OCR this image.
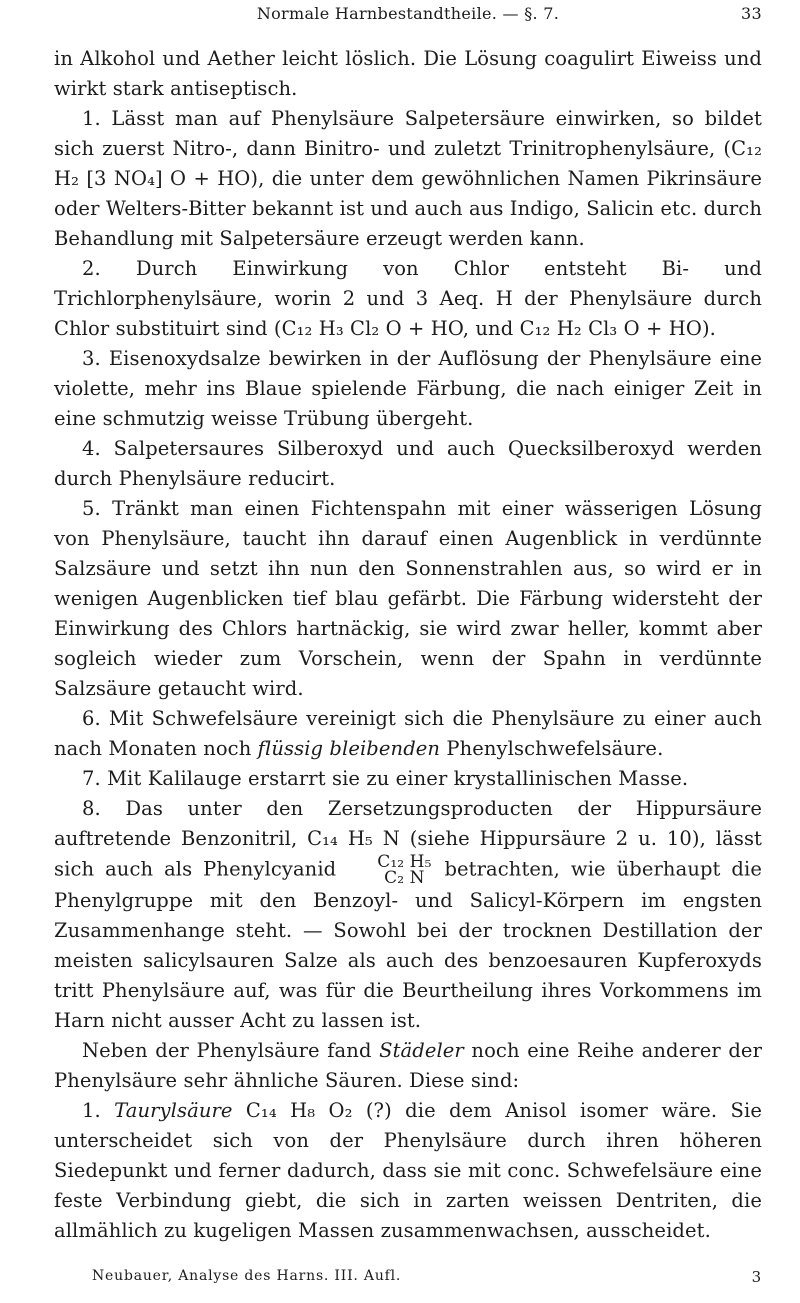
Normale Harnbestandtheile. — §. 7.	33

in Alkohol und Aether leicht löslich. Die Lösung coagulirt Eiweiss und wirkt stark antiseptisch.

1. Lässt man auf Phenylsäure Salpetersäure einwirken, so bildet sich zuerst Nitro-, dann Binitro- und zuletzt Trinitrophenylsäure, (C₁₂ H₂ [3 NO₄] O + HO), die unter dem gewöhnlichen Namen Pikrinsäure oder Welters-Bitter bekannt ist und auch aus Indigo, Salicin etc. durch Behandlung mit Salpetersäure erzeugt werden kann.

2. Durch Einwirkung von Chlor entsteht Bi- und Trichlorphenylsäure, worin 2 und 3 Aeq. H der Phenylsäure durch Chlor substituirt sind (C₁₂ H₃ Cl₂ O + HO, und C₁₂ H₂ Cl₃ O + HO).

3. Eisenoxydsalze bewirken in der Auflösung der Phenylsäure eine violette, mehr ins Blaue spielende Färbung, die nach einiger Zeit in eine schmutzig weisse Trübung übergeht.

4. Salpetersaures Silberoxyd und auch Quecksilberoxyd werden durch Phenylsäure reducirt.

5. Tränkt man einen Fichtenspahn mit einer wässerigen Lösung von Phenylsäure, taucht ihn darauf einen Augenblick in verdünnte Salzsäure und setzt ihn nun den Sonnenstrahlen aus, so wird er in wenigen Augenblicken tief blau gefärbt. Die Färbung widersteht der Einwirkung des Chlors hartnäckig, sie wird zwar heller, kommt aber sogleich wieder zum Vorschein, wenn der Spahn in verdünnte Salzsäure getaucht wird.

6. Mit Schwefelsäure vereinigt sich die Phenylsäure zu einer auch nach Monaten noch flüssig bleibenden Phenylschwefelsäure.

7. Mit Kalilauge erstarrt sie zu einer krystallinischen Masse.

8. Das unter den Zersetzungsproducten der Hippursäure auftretende Benzonitril, C₁₄ H₅ N (siehe Hippursäure 2 u. 10), lässt sich auch als Phenylcyanid	C₁₂ H₅
C₂ N	betrachten, wie überhaupt die Phenylgruppe mit den Benzoyl- und Salicyl-Körpern im engsten Zusammenhange steht. — Sowohl bei der trocknen Destillation der meisten salicylsauren Salze als auch des benzoesauren Kupferoxyds tritt Phenylsäure auf, was für die Beurtheilung ihres Vorkommens im Harn nicht ausser Acht zu lassen ist.

Neben der Phenylsäure fand Städeler noch eine Reihe anderer der Phenylsäure sehr ähnliche Säuren. Diese sind:

1. Taurylsäure C₁₄ H₈ O₂ (?) die dem Anisol isomer wäre. Sie unterscheidet sich von der Phenylsäure durch ihren höheren Siedepunkt und ferner dadurch, dass sie mit conc. Schwefelsäure eine feste Verbindung giebt, die sich in zarten weissen Dentriten, die allmählich zu kugeligen Massen zusammenwachsen, ausscheidet.

Neubauer, Analyse des Harns. III. Aufl.	3
